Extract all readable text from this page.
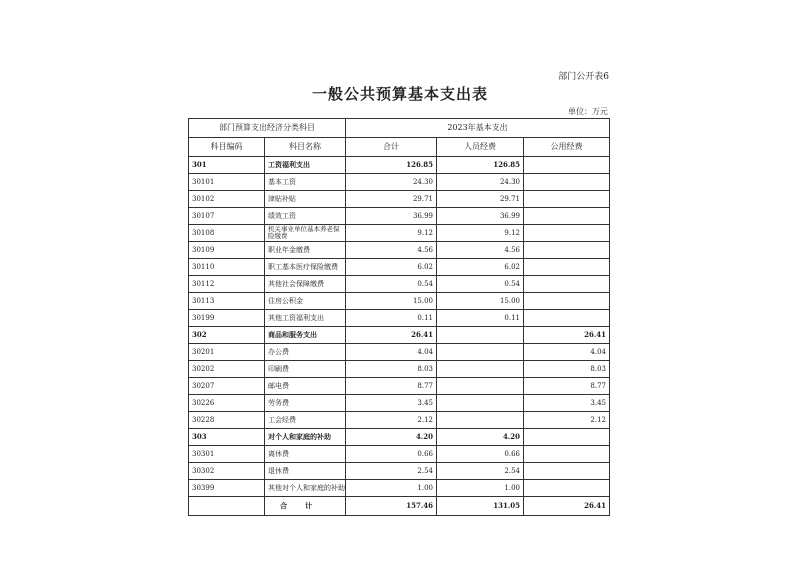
部门公开表6
一般公共预算基本支出表
单位：万元
部门预算支出经济分类科目		2023年基本支出		
科目编码	科目名称	合计	人员经费	公用经费
301	工资福利支出	126.85	126.85	
30101	基本工资	24.30	24.30	
30102	津贴补贴	29.71	29.71	
30107	绩效工资	36.99	36.99	
30108	机关事业单位基本养老保险缴费	9.12	9.12	
30109	职业年金缴费	4.56	4.56	
30110	职工基本医疗保险缴费	6.02	6.02	
30112	其他社会保障缴费	0.54	0.54	
30113	住房公积金	15.00	15.00	
30199	其他工资福利支出	0.11	0.11	
302	商品和服务支出	26.41		26.41
30201	办公费	4.04		4.04
30202	印刷费	8.03		8.03
30207	邮电费	8.77		8.77
30226	劳务费	3.45		3.45
30228	工会经费	2.12		2.12
303	对个人和家庭的补助	4.20	4.20	
30301	离休费	0.66	0.66	
30302	退休费	2.54	2.54	
30399	其他对个人和家庭的补助	1.00	1.00	
	合计	157.46	131.05	26.41
